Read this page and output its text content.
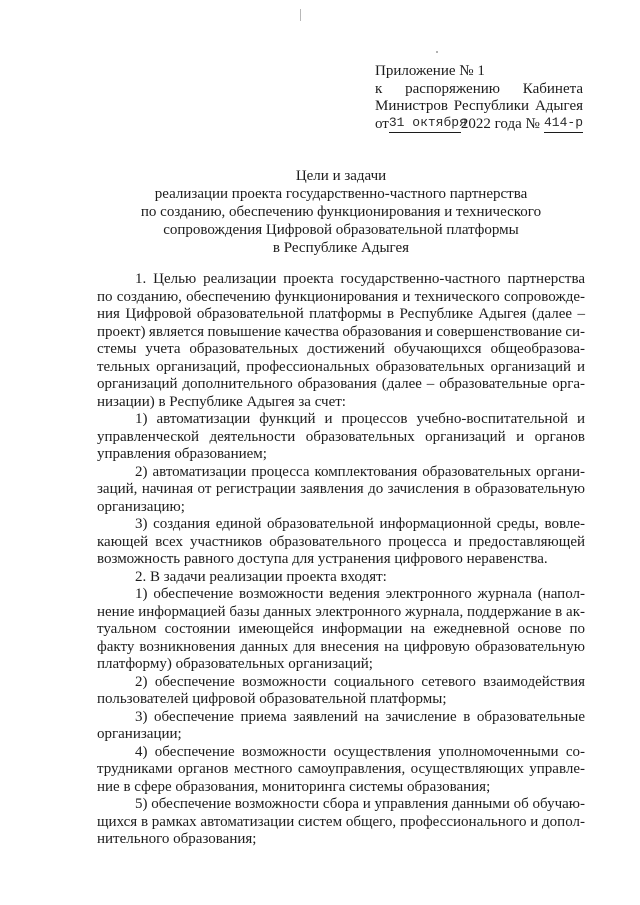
Приложение № 1
к распоряжению Кабинета
Министров Республики Адыгея
от 31 октября
2022 года № 414-р
Цели и задачи
реализации проекта государственно-частного партнерства
по созданию, обеспечению функционирования и технического
сопровождения Цифровой образовательной платформы
в Республике Адыгея
1. Целью реализации проекта государственно-частного партнерства
по созданию, обеспечению функционирования и технического сопровожде-
ния Цифровой образовательной платформы в Республике Адыгея (далее –
проект) является повышение качества образования и совершенствование си-
стемы учета образовательных достижений обучающихся общеобразова-
тельных организаций, профессиональных образовательных организаций и
организаций дополнительного образования (далее – образовательные орга-
низации) в Республике Адыгея за счет:
1) автоматизации функций и процессов учебно-воспитательной и
управленческой деятельности образовательных организаций и органов
управления образованием;
2) автоматизации процесса комплектования образовательных органи-
заций, начиная от регистрации заявления до зачисления в образовательную
организацию;
3) создания единой образовательной информационной среды, вовле-
кающей всех участников образовательного процесса и предоставляющей
возможность равного доступа для устранения цифрового неравенства.
2. В задачи реализации проекта входят:
1) обеспечение возможности ведения электронного журнала (напол-
нение информацией базы данных электронного журнала, поддержание в ак-
туальном состоянии имеющейся информации на ежедневной основе по
факту возникновения данных для внесения на цифровую образовательную
платформу) образовательных организаций;
2) обеспечение возможности социального сетевого взаимодействия
пользователей цифровой образовательной платформы;
3) обеспечение приема заявлений на зачисление в образовательные
организации;
4) обеспечение возможности осуществления уполномоченными со-
трудниками органов местного самоуправления, осуществляющих управле-
ние в сфере образования, мониторинга системы образования;
5) обеспечение возможности сбора и управления данными об обучаю-
щихся в рамках автоматизации систем общего, профессионального и допол-
нительного образования;
